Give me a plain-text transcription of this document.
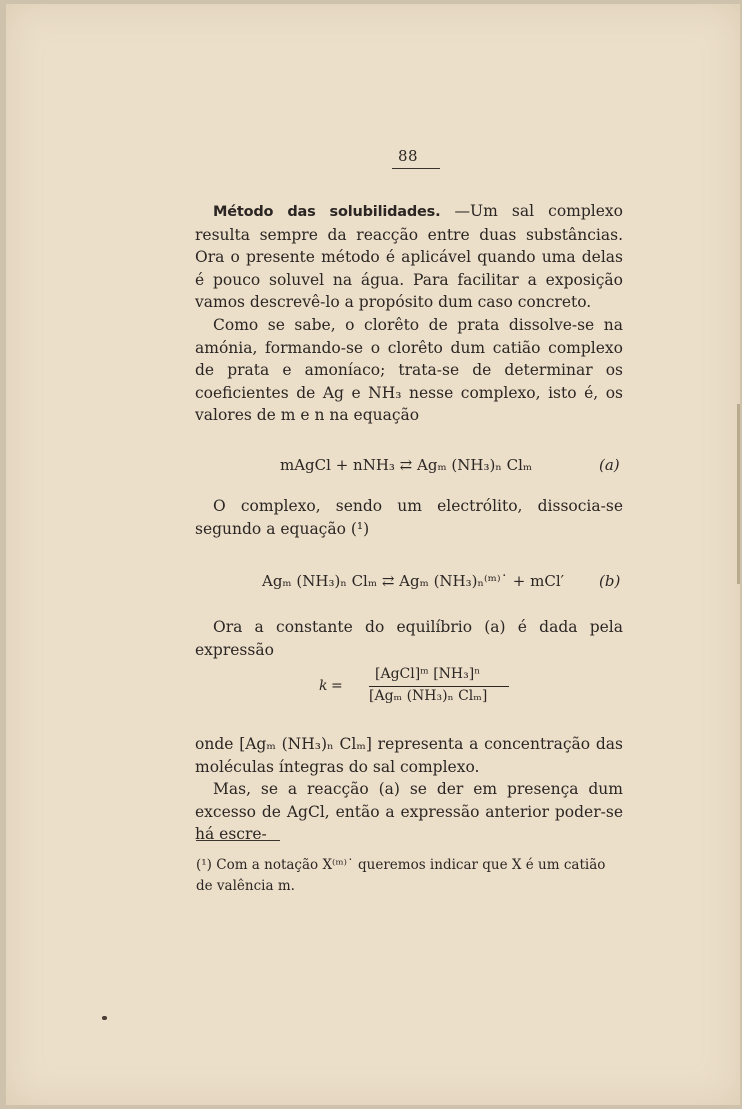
88

Método das solubilidades. —Um sal complexo resulta sempre da reacção entre duas substâncias. Ora o presente método é aplicável quando uma delas é pouco soluvel na água. Para facilitar a exposição vamos descrevê-lo a propósito dum caso concreto.

Como se sabe, o clorêto de prata dissolve-se na amónia, formando-se o clorêto dum catião complexo de prata e amoníaco; trata-se de determinar os coeficientes de Ag e NH₃ nesse complexo, isto é, os valores de m e n na equação

mAgCl + nNH₃ ⇄ Agₘ (NH₃)ₙ Clₘ	(a)

O complexo, sendo um electrólito, dissocia-se segundo a equação (¹)

Agₘ (NH₃)ₙ Clₘ ⇄ Agₘ (NH₃)ₙ⁽ᵐ⁾˙ + mCl′ (b)

Ora a constante do equilíbrio (a) é dada pela expressão

k =
[AgCl]ᵐ [NH₃]ⁿ
[Agₘ (NH₃)ₙ Clₘ]

onde [Agₘ (NH₃)ₙ Clₘ] representa a concentração das moléculas íntegras do sal complexo.

Mas, se a reacção (a) se der em presença dum excesso de AgCl, então a expressão anterior poder-se há escre-

(¹) Com a notação X⁽ᵐ⁾˙ queremos indicar que X é um catião de valência m.
